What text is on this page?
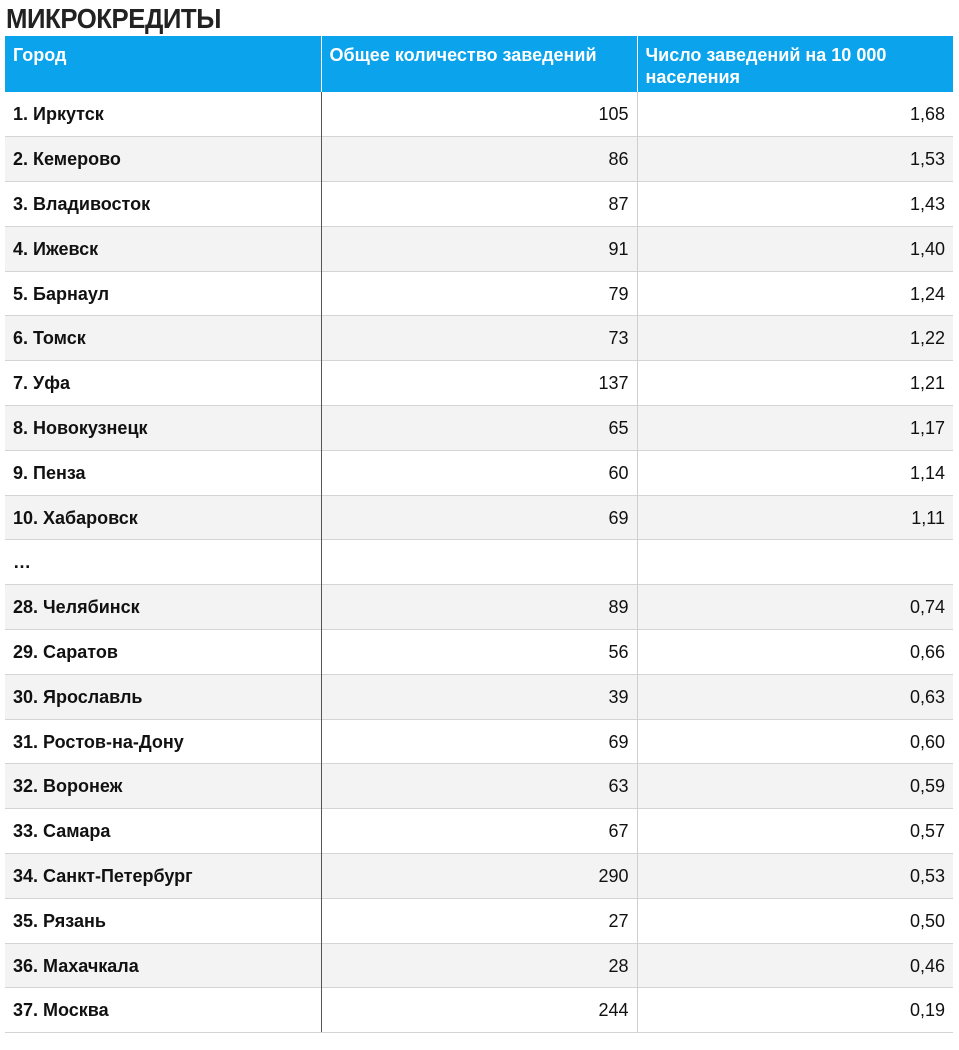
МИКРОКРЕДИТЫ
Город	Общее количество заведений	Число заведений на 10 000 населения
1. Иркутск	105	1,68
2. Кемерово	86	1,53
3. Владивосток	87	1,43
4. Ижевск	91	1,40
5. Барнаул	79	1,24
6. Томск	73	1,22
7. Уфа	137	1,21
8. Новокузнецк	65	1,17
9. Пенза	60	1,14
10. Хабаровск	69	1,11
…		
28. Челябинск	89	0,74
29. Саратов	56	0,66
30. Ярославль	39	0,63
31. Ростов-на-Дону	69	0,60
32. Воронеж	63	0,59
33. Самара	67	0,57
34. Санкт-Петербург	290	0,53
35. Рязань	27	0,50
36. Махачкала	28	0,46
37. Москва	244	0,19
